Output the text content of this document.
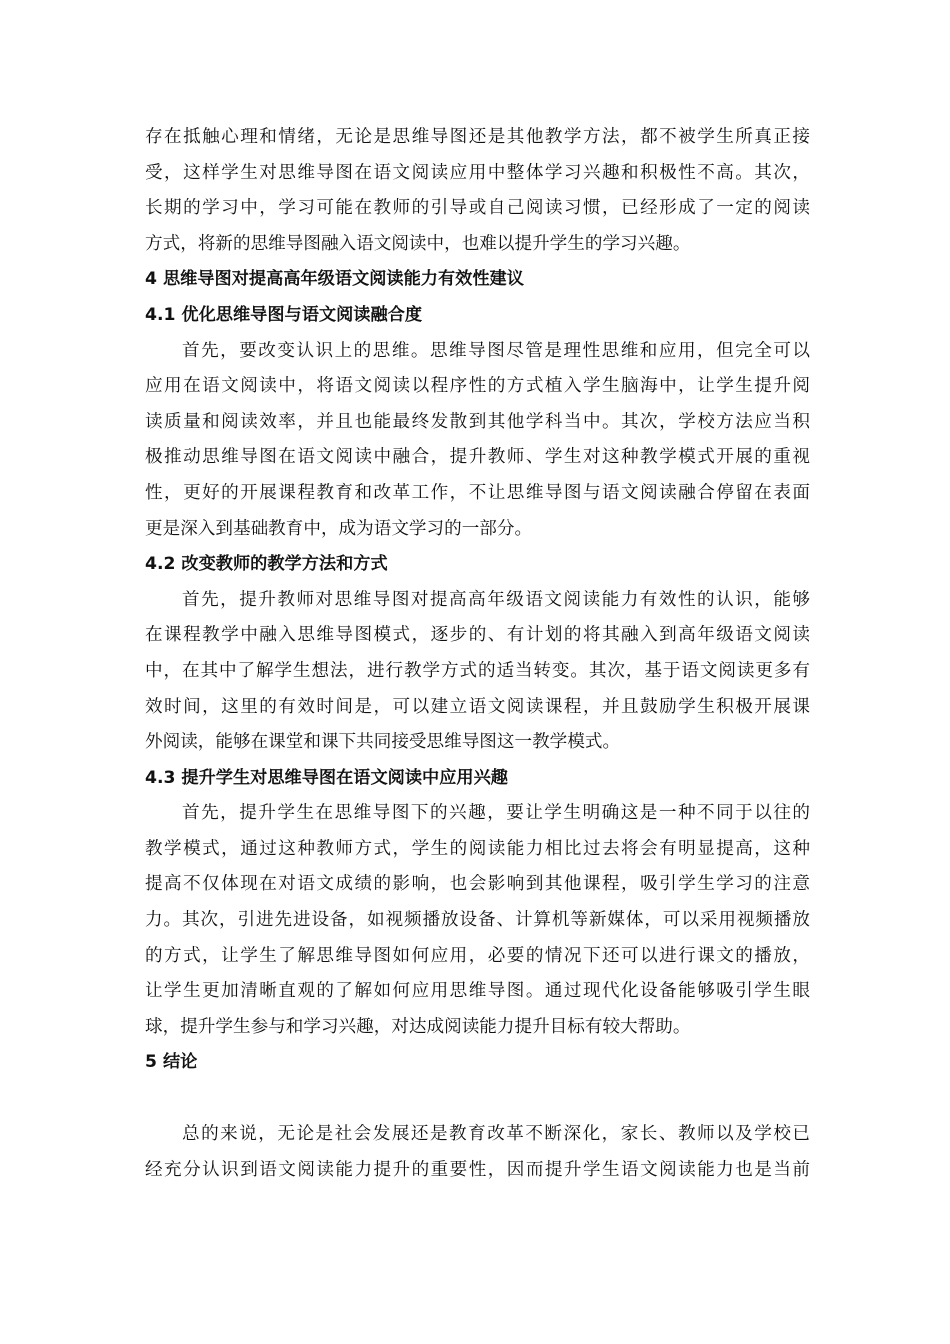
存在抵触心理和情绪，无论是思维导图还是其他教学方法，都不被学生所真正接
受，这样学生对思维导图在语文阅读应用中整体学习兴趣和积极性不高。其次，
长期的学习中，学习可能在教师的引导或自己阅读习惯，已经形成了一定的阅读
方式，将新的思维导图融入语文阅读中，也难以提升学生的学习兴趣。
4 思维导图对提高高年级语文阅读能力有效性建议
4.1 优化思维导图与语文阅读融合度
首先，要改变认识上的思维。思维导图尽管是理性思维和应用，但完全可以
应用在语文阅读中，将语文阅读以程序性的方式植入学生脑海中，让学生提升阅
读质量和阅读效率，并且也能最终发散到其他学科当中。其次，学校方法应当积
极推动思维导图在语文阅读中融合，提升教师、学生对这种教学模式开展的重视
性，更好的开展课程教育和改革工作，不让思维导图与语文阅读融合停留在表面
更是深入到基础教育中，成为语文学习的一部分。
4.2 改变教师的教学方法和方式
首先，提升教师对思维导图对提高高年级语文阅读能力有效性的认识，能够
在课程教学中融入思维导图模式，逐步的、有计划的将其融入到高年级语文阅读
中，在其中了解学生想法，进行教学方式的适当转变。其次，基于语文阅读更多有
效时间，这里的有效时间是，可以建立语文阅读课程，并且鼓励学生积极开展课
外阅读，能够在课堂和课下共同接受思维导图这一教学模式。
4.3 提升学生对思维导图在语文阅读中应用兴趣
首先，提升学生在思维导图下的兴趣，要让学生明确这是一种不同于以往的
教学模式，通过这种教师方式，学生的阅读能力相比过去将会有明显提高，这种
提高不仅体现在对语文成绩的影响，也会影响到其他课程，吸引学生学习的注意
力。其次，引进先进设备，如视频播放设备、计算机等新媒体，可以采用视频播放
的方式，让学生了解思维导图如何应用，必要的情况下还可以进行课文的播放，
让学生更加清晰直观的了解如何应用思维导图。通过现代化设备能够吸引学生眼
球，提升学生参与和学习兴趣，对达成阅读能力提升目标有较大帮助。
5 结论
总的来说，无论是社会发展还是教育改革不断深化，家长、教师以及学校已
经充分认识到语文阅读能力提升的重要性，因而提升学生语文阅读能力也是当前
